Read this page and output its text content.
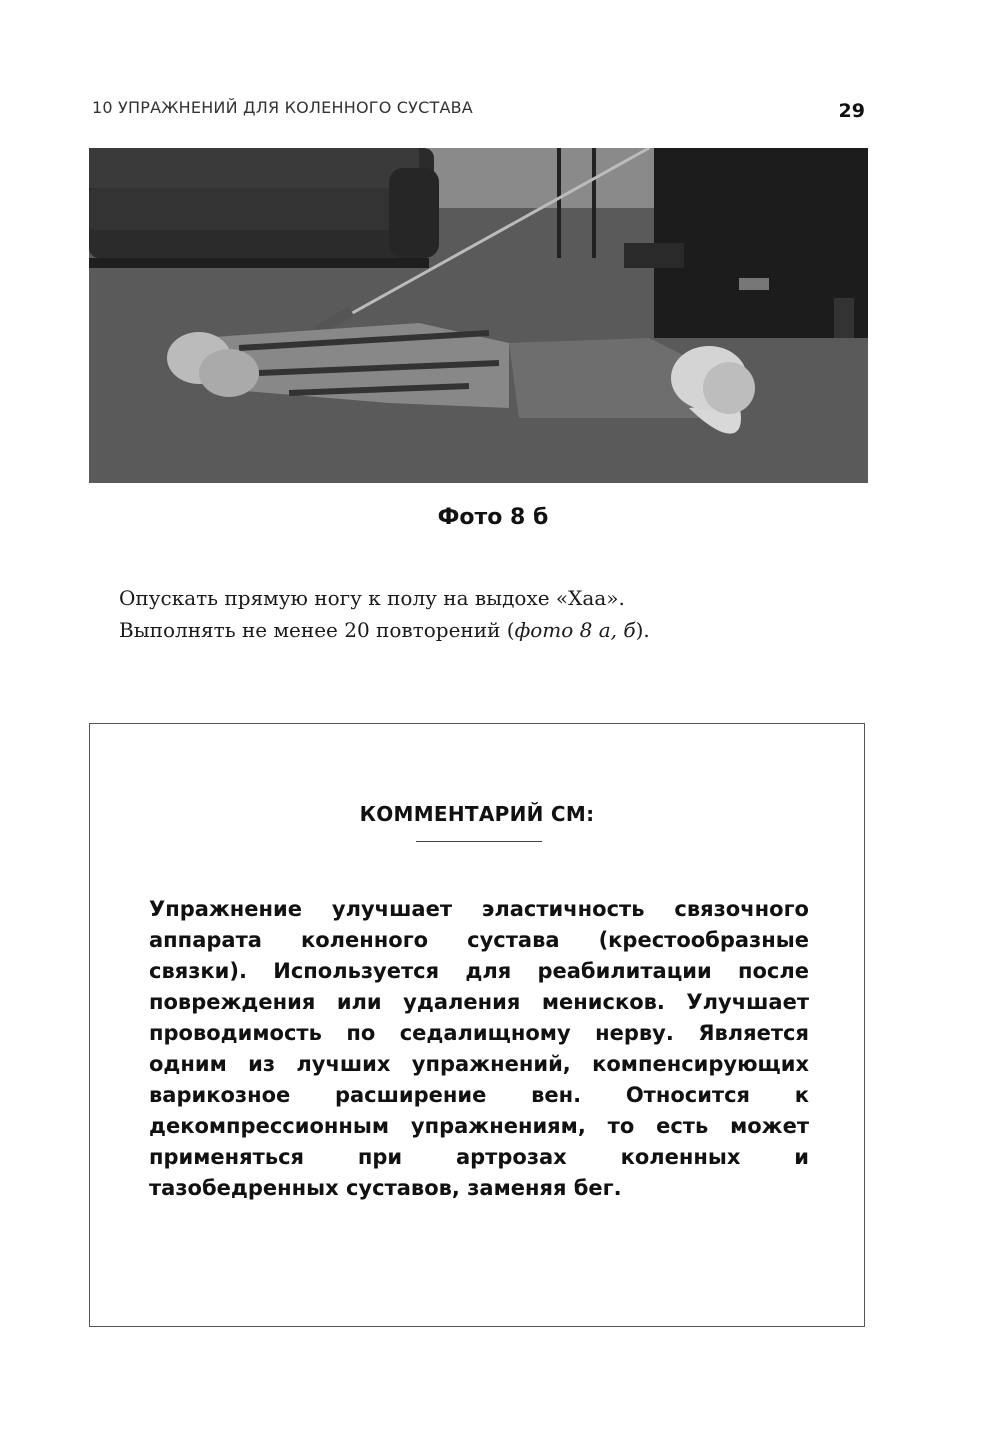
10 УПРАЖНЕНИЙ ДЛЯ КОЛЕННОГО СУСТАВА	29
Фото 8 б

Опускать прямую ногу к полу на выдохе «Хаа».

Выполнять не менее 20 повторений (фото 8 а, б).

КОММЕНТАРИЙ СМ:
Упражнение улучшает эластичность связочного аппарата коленного сустава (крестообразные связки). Используется для реабилитации после повреждения или удаления менисков. Улучшает проводимость по седалищному нерву. Является одним из лучших упражнений, компенсирующих варикозное расширение вен. Относится к декомпрессионным упражнениям, то есть может применяться при артрозах коленных и тазобедренных суставов, заменяя бег.
